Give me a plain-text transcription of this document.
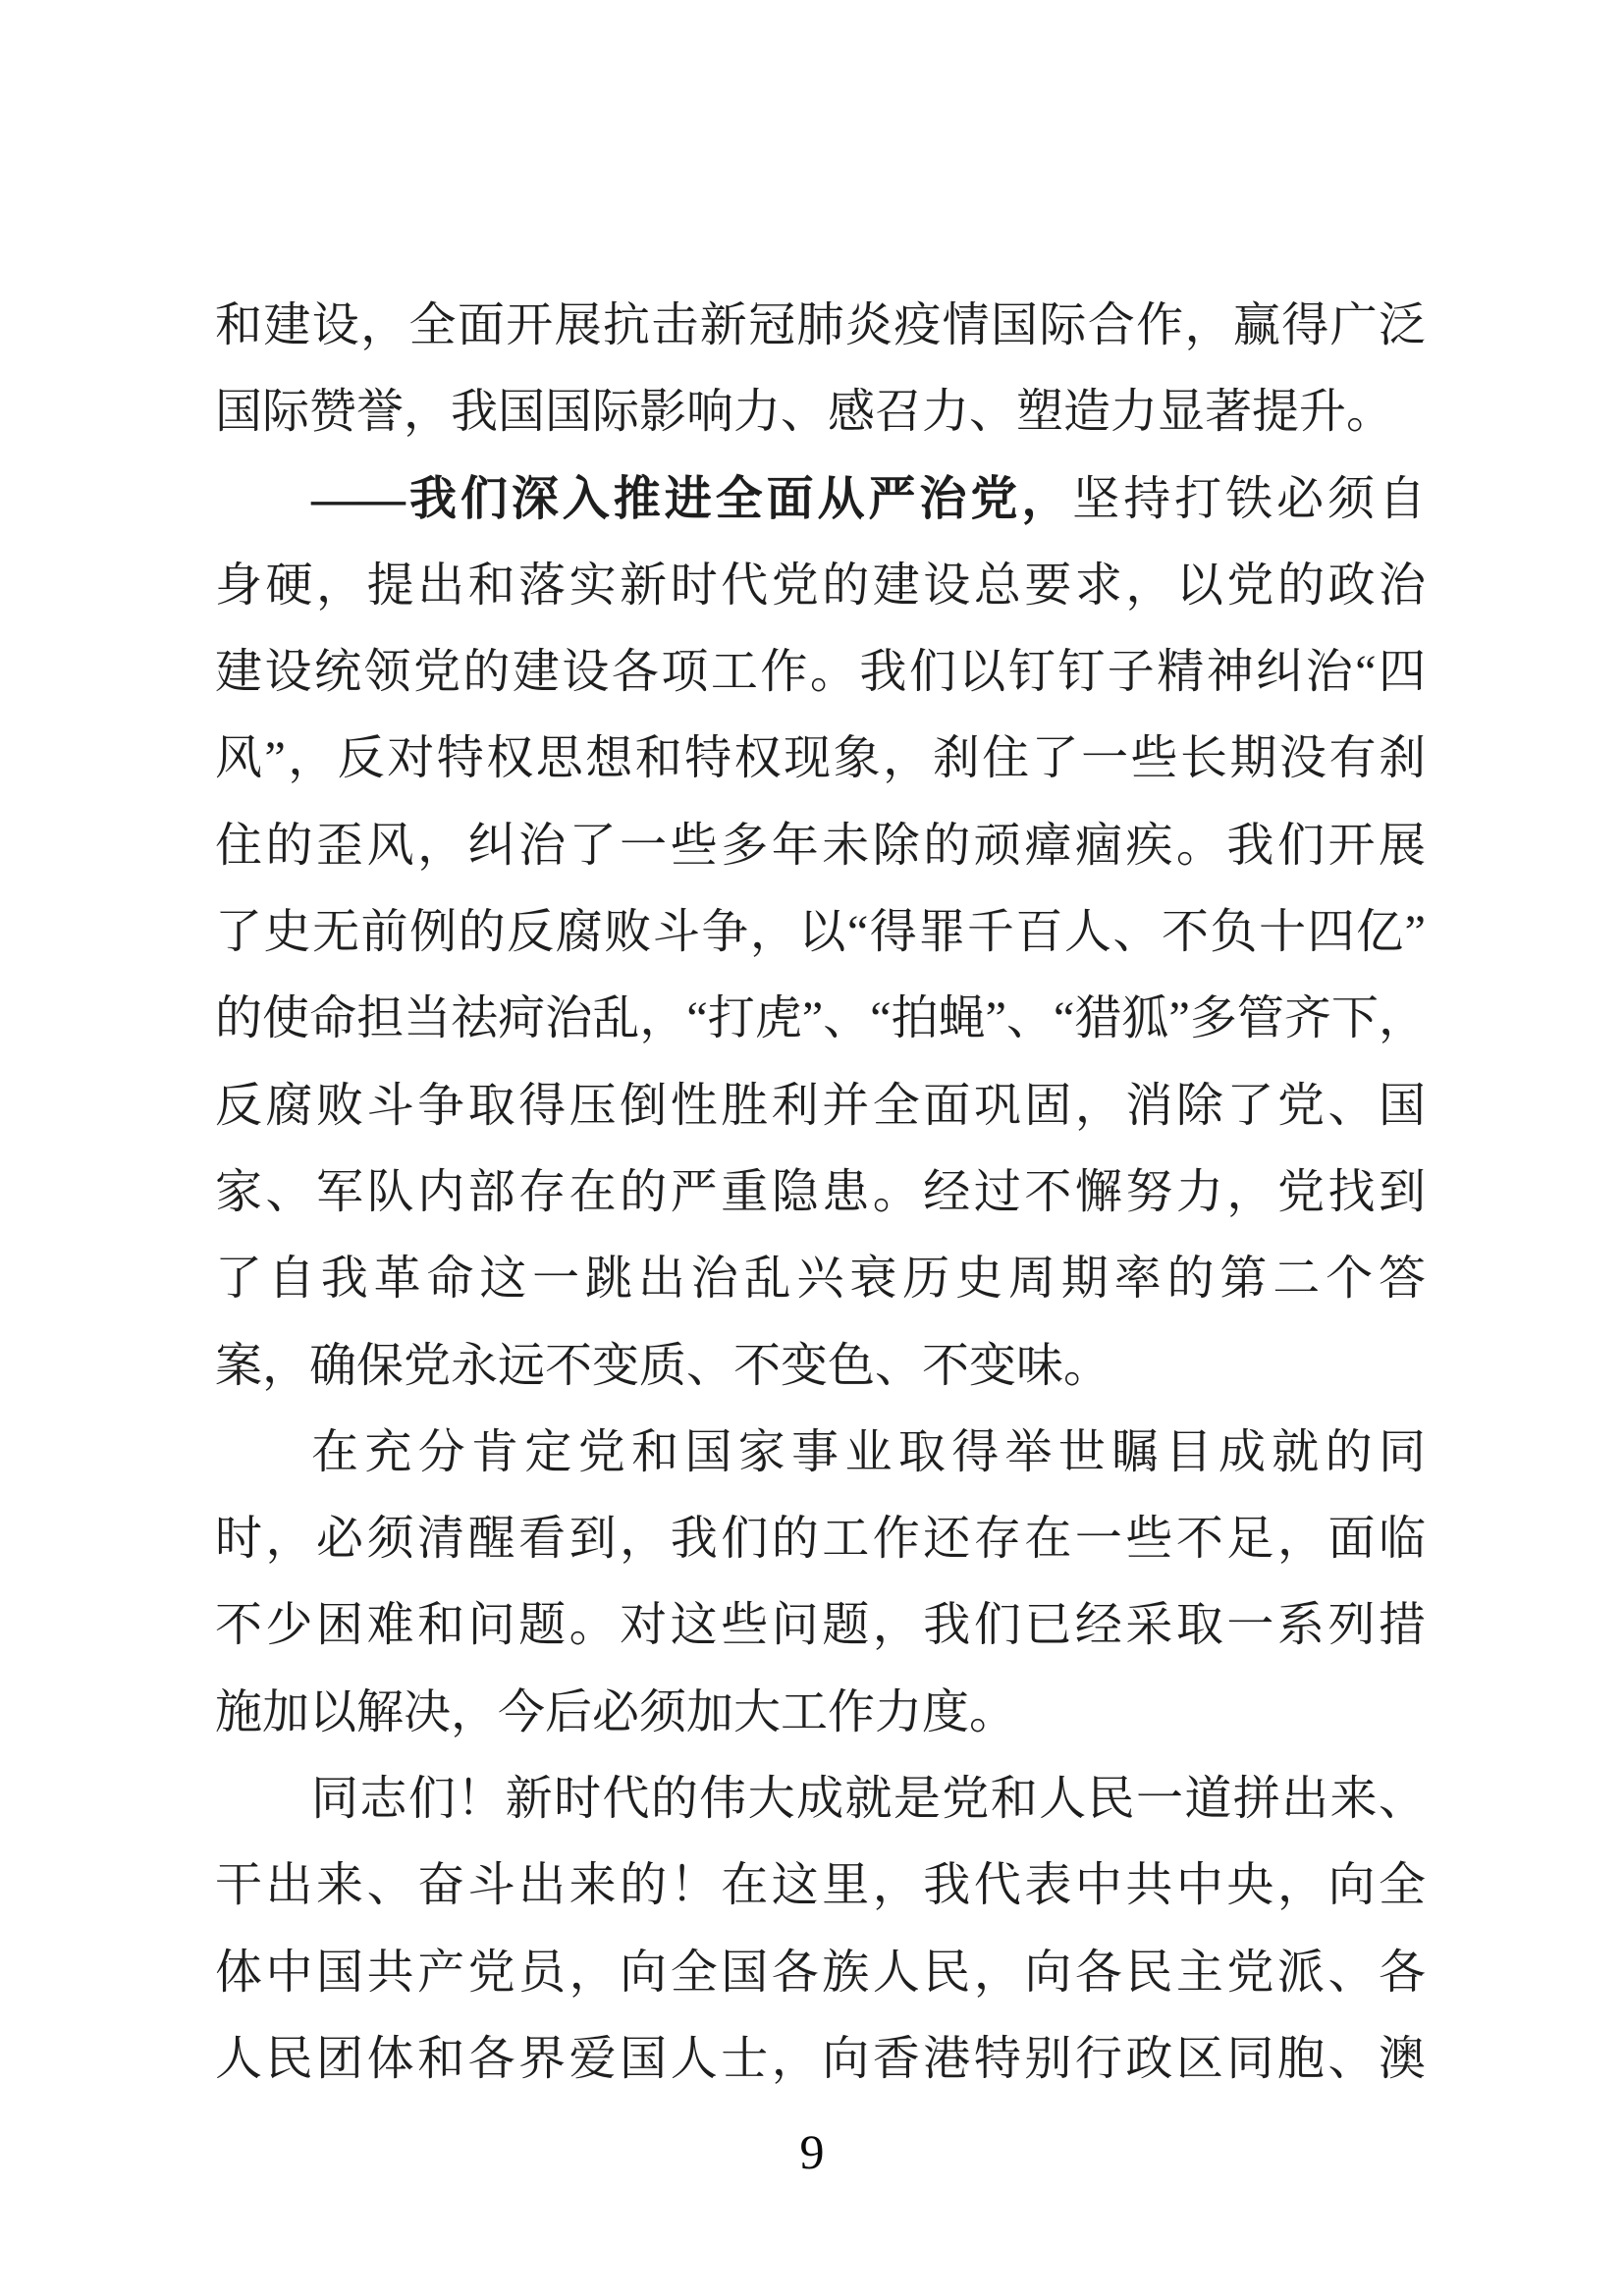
和建设，全面开展抗击新冠肺炎疫情国际合作，赢得广泛
国际赞誉，我国国际影响力、感召力、塑造力显著提升。
——我们深入推进全面从严治党，坚持打铁必须自
身硬，提出和落实新时代党的建设总要求，以党的政治
建设统领党的建设各项工作。我们以钉钉子精神纠治“四
风”，反对特权思想和特权现象，刹住了一些长期没有刹
住的歪风，纠治了一些多年未除的顽瘴痼疾。我们开展
了史无前例的反腐败斗争，以“得罪千百人、不负十四亿”
的使命担当祛疴治乱，“打虎”、“拍蝇”、“猎狐”多管齐下，
反腐败斗争取得压倒性胜利并全面巩固，消除了党、国
家、军队内部存在的严重隐患。经过不懈努力，党找到
了自我革命这一跳出治乱兴衰历史周期率的第二个答
案，确保党永远不变质、不变色、不变味。
在充分肯定党和国家事业取得举世瞩目成就的同
时，必须清醒看到，我们的工作还存在一些不足，面临
不少困难和问题。对这些问题，我们已经采取一系列措
施加以解决，今后必须加大工作力度。
同志们！新时代的伟大成就是党和人民一道拼出来、
干出来、奋斗出来的！在这里，我代表中共中央，向全
体中国共产党员，向全国各族人民，向各民主党派、各
人民团体和各界爱国人士，向香港特别行政区同胞、澳
9
